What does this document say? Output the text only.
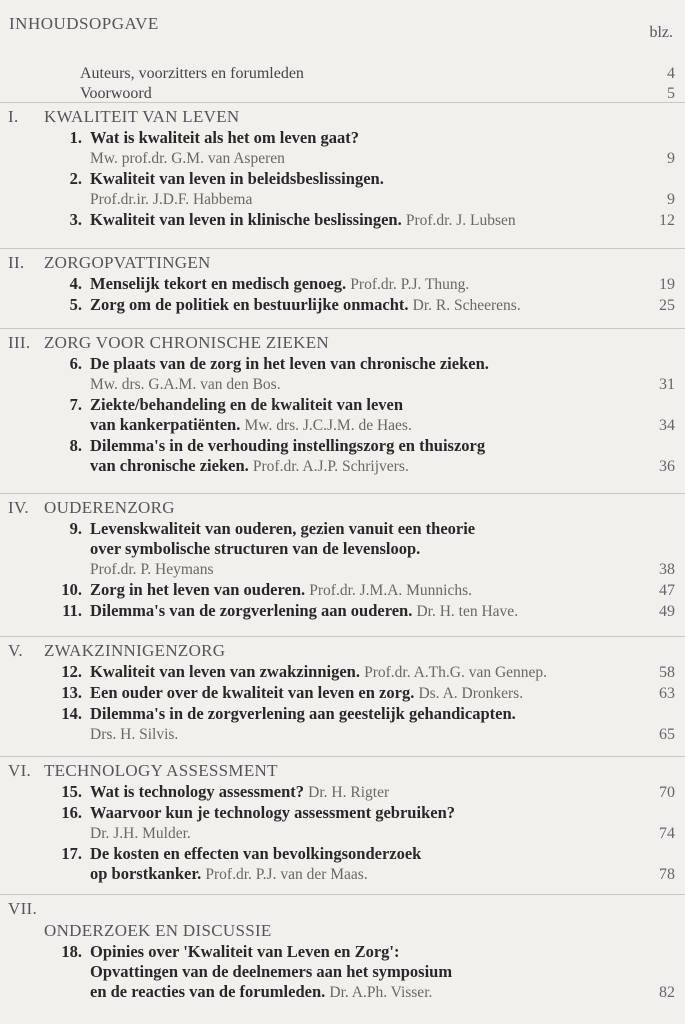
INHOUDSOPGAVE	blz.
Auteurs, voorzitters en forumleden	4
Voorwoord	5
I.	KWALITEIT VAN LEVEN
1. Wat is kwaliteit als het om leven gaat?
Mw. prof.dr. G.M. van Asperen	9
2. Kwaliteit van leven in beleidsbeslissingen.
Prof.dr.ir. J.D.F. Habbema	9
3. Kwaliteit van leven in klinische beslissingen. Prof.dr. J. Lubsen	12
II.	ZORGOPVATTINGEN
4. Menselijk tekort en medisch genoeg. Prof.dr. P.J. Thung.	19
5. Zorg om de politiek en bestuurlijke onmacht. Dr. R. Scheerens.	25
III. ZORG VOOR CHRONISCHE ZIEKEN
6. De plaats van de zorg in het leven van chronische zieken.
Mw. drs. G.A.M. van den Bos.	31
7. Ziekte/behandeling en de kwaliteit van leven
van kankerpatiënten. Mw. drs. J.C.J.M. de Haes.	34
8. Dilemma's in de verhouding instellingszorg en thuiszorg
van chronische zieken. Prof.dr. A.J.P. Schrijvers.	36
IV. OUDERENZORG
9. Levenskwaliteit van ouderen, gezien vanuit een theorie
over symbolische structuren van de levensloop.
Prof.dr. P. Heymans	38
10. Zorg in het leven van ouderen. Prof.dr. J.M.A. Munnichs.	47
11. Dilemma's van de zorgverlening aan ouderen. Dr. H. ten Have.	49
V.	ZWAKZINNIGENZORG
12. Kwaliteit van leven van zwakzinnigen. Prof.dr. A.Th.G. van Gennep.	58
13. Een ouder over de kwaliteit van leven en zorg. Ds. A. Dronkers.	63
14. Dilemma's in de zorgverlening aan geestelijk gehandicapten.
Drs. H. Silvis.	65
VI. TECHNOLOGY ASSESSMENT
15. Wat is technology assessment? Dr. H. Rigter	70
16. Waarvoor kun je technology assessment gebruiken?
Dr. J.H. Mulder.	74
17. De kosten en effecten van bevolkingsonderzoek
op borstkanker. Prof.dr. P.J. van der Maas.	78
VII.
ONDERZOEK EN DISCUSSIE
18. Opinies over 'Kwaliteit van Leven en Zorg':
Opvattingen van de deelnemers aan het symposium
en de reacties van de forumleden. Dr. A.Ph. Visser.	82
